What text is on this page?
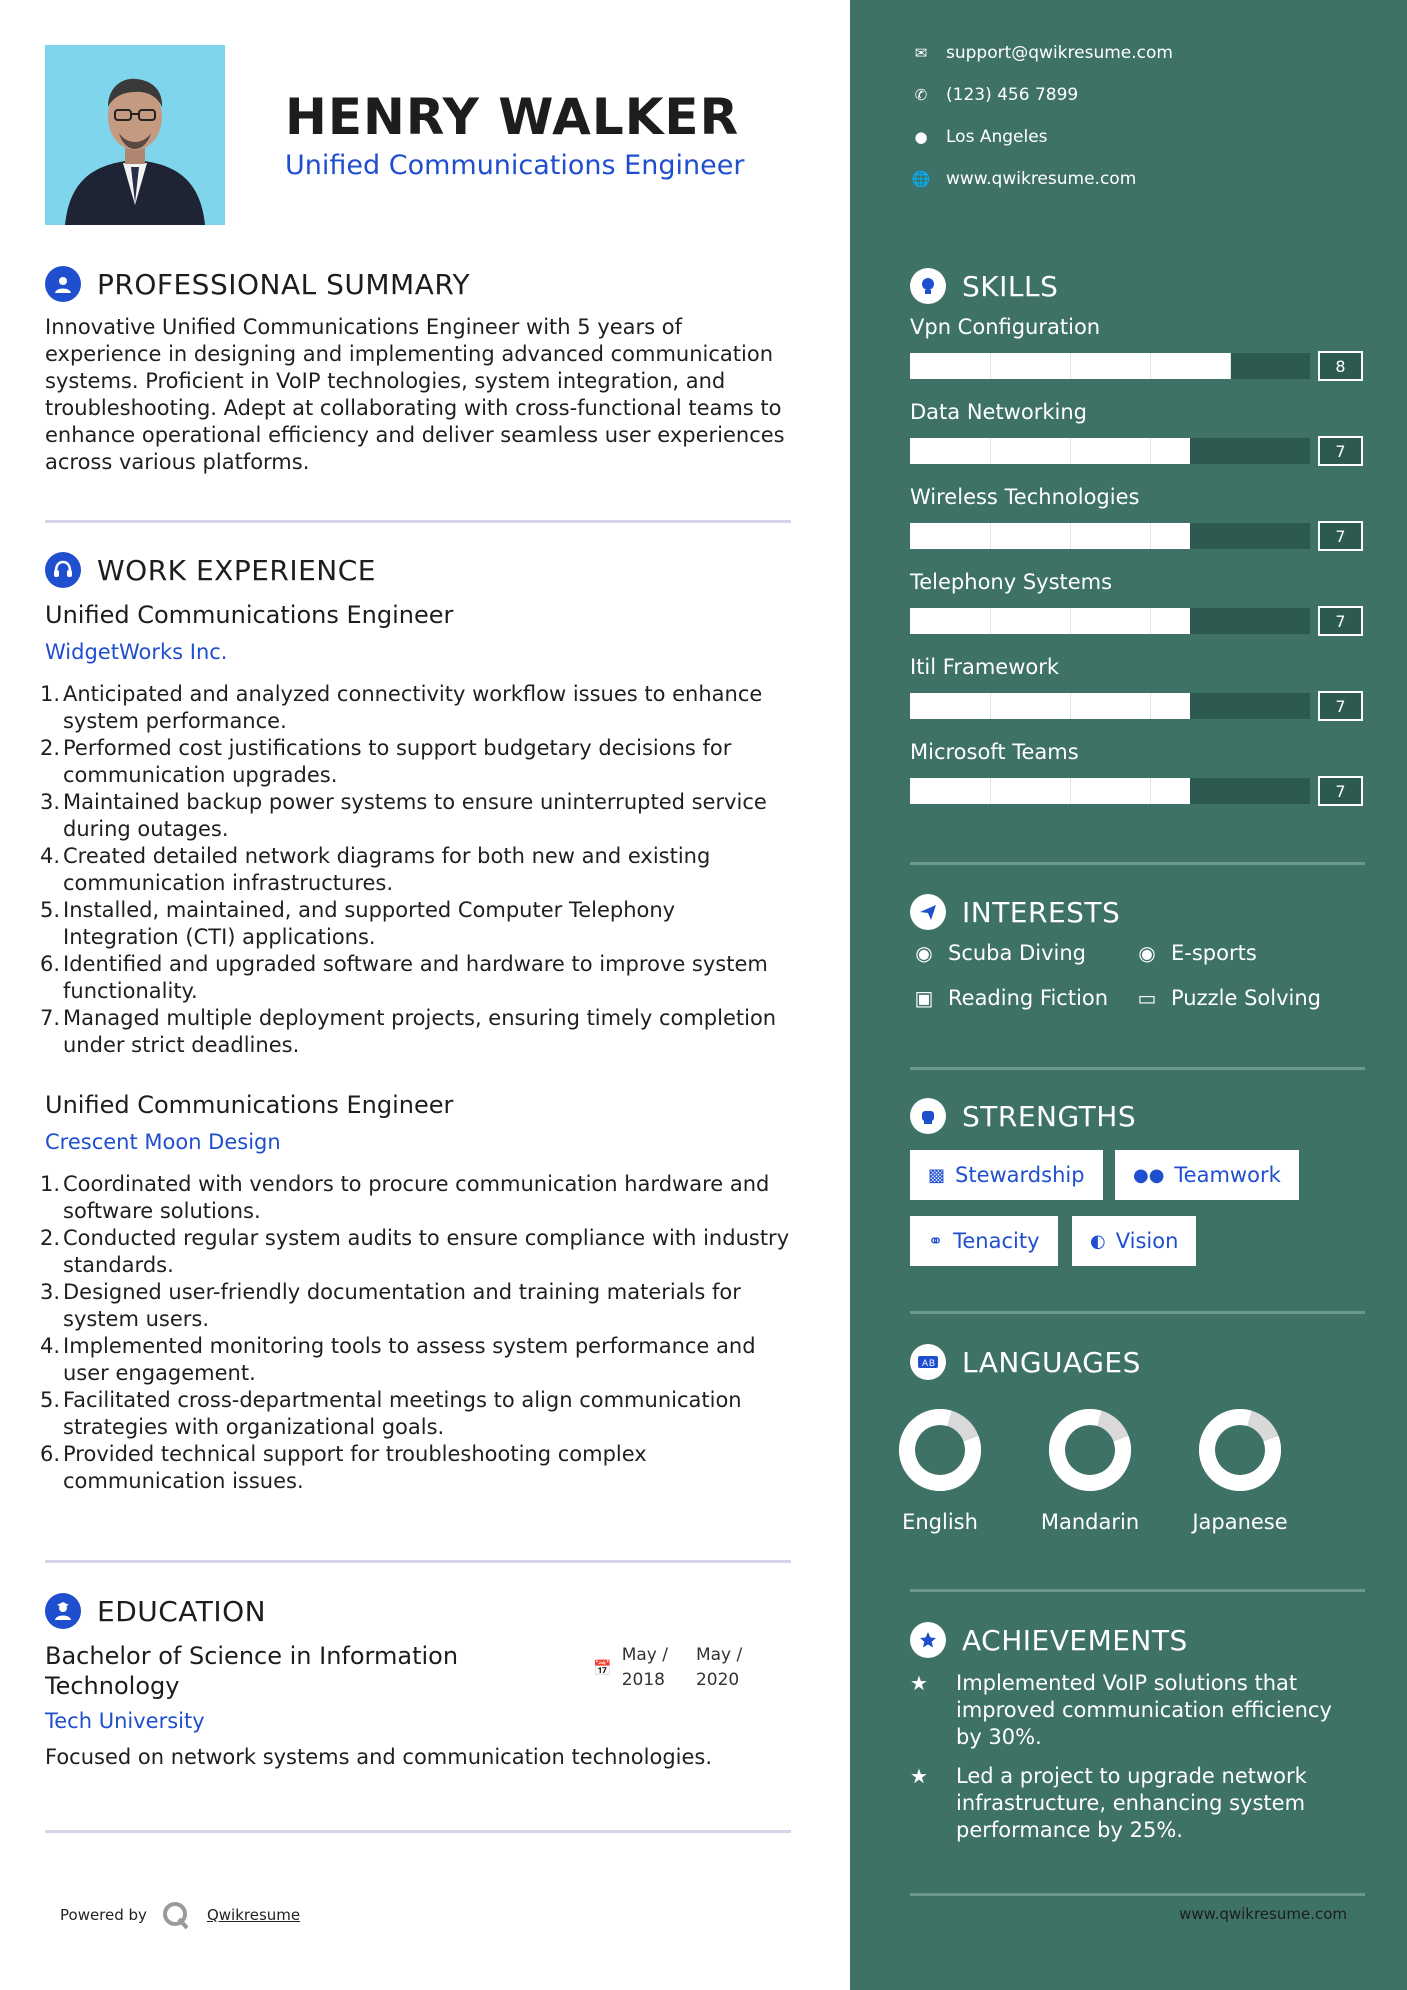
HENRY WALKER
Unified Communications Engineer
PROFESSIONAL SUMMARY
Innovative Unified Communications Engineer with 5 years of
experience in designing and implementing advanced communication
systems. Proficient in VoIP technologies, system integration, and
troubleshooting. Adept at collaborating with cross-functional teams to
enhance operational efficiency and deliver seamless user experiences
across various platforms.
WORK EXPERIENCE
Unified Communications Engineer
WidgetWorks Inc.
1. Anticipated and analyzed connectivity workflow issues to enhance
system performance.
2. Performed cost justifications to support budgetary decisions for
communication upgrades.
3. Maintained backup power systems to ensure uninterrupted service
during outages.
4. Created detailed network diagrams for both new and existing
communication infrastructures.
5. Installed, maintained, and supported Computer Telephony
Integration (CTI) applications.
6. Identified and upgraded software and hardware to improve system
functionality.
7. Managed multiple deployment projects, ensuring timely completion
under strict deadlines.
Unified Communications Engineer
Crescent Moon Design
1. Coordinated with vendors to procure communication hardware and
software solutions.
2. Conducted regular system audits to ensure compliance with industry
standards.
3. Designed user-friendly documentation and training materials for
system users.
4. Implemented monitoring tools to assess system performance and
user engagement.
5. Facilitated cross-departmental meetings to align communication
strategies with organizational goals.
6. Provided technical support for troubleshooting complex
communication issues.
EDUCATION
Bachelor of Science in Information
Technology
📅
May /
2018
May /
2020
Tech University
Focused on network systems and communication technologies.
Powered by	Qwikresume
✉ support@qwikresume.com
✆ (123) 456 7899
● Los Angeles
🌐 www.qwikresume.com
SKILLS
Vpn Configuration
8
Data Networking
7
Wireless Technologies
7
Telephony Systems
7
Itil Framework
7
Microsoft Teams
7
INTERESTS
◉ Scuba Diving	◉ E-sports
▣ Reading Fiction ▭ Puzzle Solving
STRENGTHS
▩ Stewardship	●● Teamwork
⚭ Tenacity	◐ Vision
A B LANGUAGES
English	Mandarin	Japanese
ACHIEVEMENTS
★	Implemented VoIP solutions that
improved communication efficiency
by 30%.
★	Led a project to upgrade network
infrastructure, enhancing system
performance by 25%.
www.qwikresume.com
